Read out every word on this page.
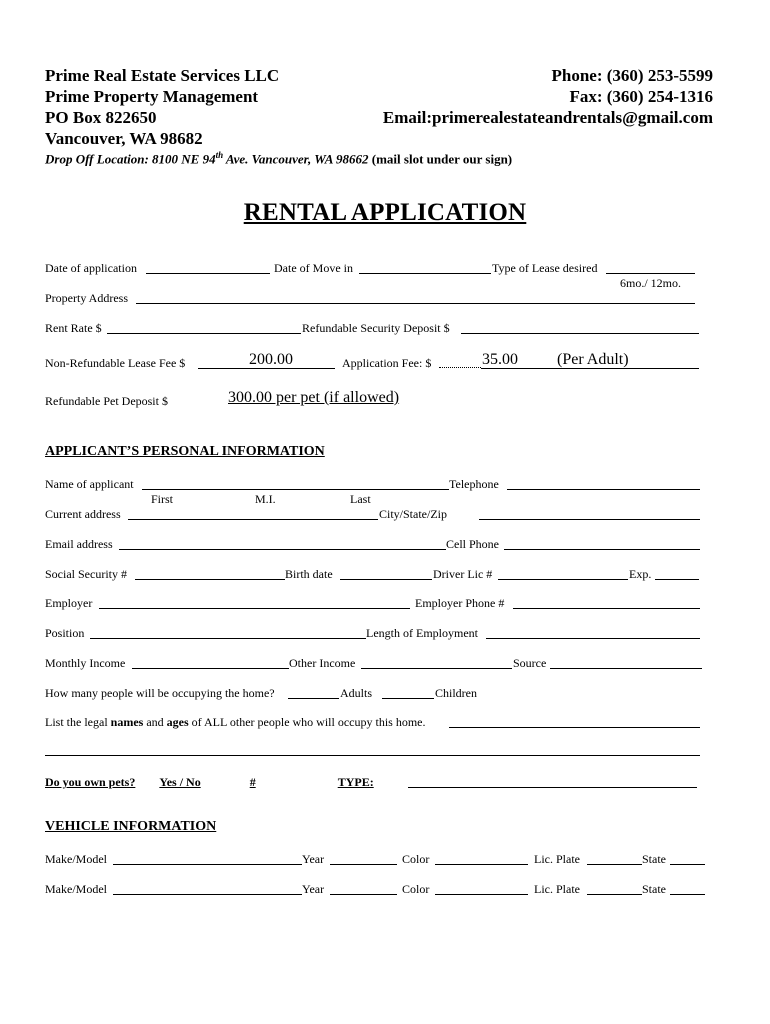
Prime Real Estate Services LLC
Prime Property Management
PO Box 822650
Vancouver, WA 98682
Phone: (360) 253-5599
Fax: (360) 254-1316
Email:primerealestateandrentals@gmail.com
Drop Off Location: 8100 NE 94th Ave. Vancouver, WA 98662 (mail slot under our sign)
RENTAL APPLICATION
Date of application	Date of Move in	Type of Lease desired
6mo./ 12mo.
Property Address
Rent Rate $	Refundable Security Deposit $
Non-Refundable Lease Fee $	200.00	Application Fee: $	35.00 (Per Adult)
Refundable Pet Deposit $	300.00 per pet (if allowed)
APPLICANT’S PERSONAL INFORMATION
Name of applicant	Telephone
First	M.I.	Last
Current address	City/State/Zip
Email address	Cell Phone
Social Security #	Birth date	Driver Lic #	Exp.
Employer	Employer Phone #
Position	Length of Employment
Monthly Income	Other Income	Source
How many people will be occupying the home?	Adults	Children
List the legal names and ages of ALL other people who will occupy this home.
Do you own pets? Yes / No	#	TYPE:
VEHICLE INFORMATION
Make/Model	Year	Color	Lic. Plate	State
Make/Model	Year	Color	Lic. Plate	State
